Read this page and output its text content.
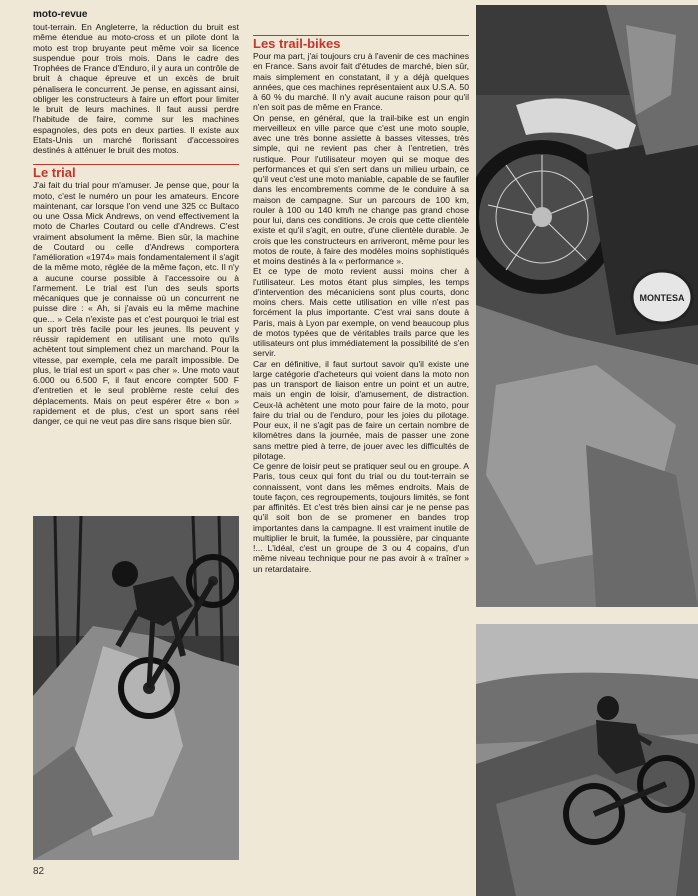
moto-revue

tout-terrain. En Angleterre, la réduction du bruit est même étendue au moto-cross et un pilote dont la moto est trop bruyante peut même voir sa licence suspendue pour trois mois. Dans le cadre des Trophées de France d'Enduro, il y aura un contrôle de bruit à chaque épreuve et un excès de bruit pénalisera le concurrent. Je pense, en agissant ainsi, obliger les constructeurs à faire un effort pour limiter le bruit de leurs machines. Il faut aussi perdre l'habitude de faire, comme sur les machines espagnoles, des pots en deux parties. Il existe aux Etats-Unis un marché florissant d'accessoires destinés à atténuer le bruit des motos.

Le trial

J'ai fait du trial pour m'amuser. Je pense que, pour la moto, c'est le numéro un pour les amateurs. Encore maintenant, car lorsque l'on vend une 325 cc Bultaco ou une Ossa Mick Andrews, on vend effectivement la moto de Charles Coutard ou celle d'Andrews. C'est vraiment absolument la même. Bien sûr, la machine de Coutard ou celle d'Andrews comportera l'amélioration «1974» mais fondamentalement il s'agit de la même moto, réglée de la même façon, etc. Il n'y a aucune course possible à l'accessoire ou à l'armement. Le trial est l'un des seuls sports mécaniques que je connaisse où un concurrent ne puisse dire : « Ah, si j'avais eu la même machine que... » Cela n'existe pas et c'est pourquoi le trial est un sport très facile pour les jeunes. Ils peuvent y réussir rapidement en utilisant une moto qu'ils achètent tout simplement chez un marchand. Pour la vitesse, par exemple, cela me paraît impossible. De plus, le trial est un sport « pas cher ». Une moto vaut 6.000 ou 6.500 F, il faut encore compter 500 F d'entretien et le seul problème reste celui des déplacements. Mais on peut espérer être « bon » rapidement et de plus, c'est un sport sans réel danger, ce qui ne veut pas dire sans risque bien sûr.

Les trail-bikes

Pour ma part, j'ai toujours cru à l'avenir de ces machines en France. Sans avoir fait d'études de marché, bien sûr, mais simplement en constatant, il y a déjà quelques années, que ces machines représentaient aux U.S.A. 50 à 60 % du marché. Il n'y avait aucune raison pour qu'il n'en soit pas de même en France.

On pense, en général, que la trail-bike est un engin merveilleux en ville parce que c'est une moto souple, avec une très bonne assiette à basses vitesses, très simple, qui ne revient pas cher à l'entretien, très rustique. Pour l'utilisateur moyen qui se moque des performances et qui s'en sert dans un milieu urbain, ce qu'il veut c'est une moto maniable, capable de se faufiler dans les encombrements comme de le conduire à sa maison de campagne. Sur un parcours de 100 km, rouler à 100 ou 140 km/h ne change pas grand chose pour lui, dans ces conditions. Je crois que cette clientèle existe et qu'il s'agit, en outre, d'une clientèle durable. Je crois que les constructeurs en arriveront, même pour les motos de route, à faire des modèles moins sophistiqués et moins destinés à la « performance ».

Et ce type de moto revient aussi moins cher à l'utilisateur. Les motos étant plus simples, les temps d'intervention des mécaniciens sont plus courts, donc moins chers. Mais cette utilisation en ville n'est pas forcément la plus importante. C'est vrai sans doute à Paris, mais à Lyon par exemple, on vend beaucoup plus de motos typées que de véritables trails parce que les utilisateurs ont plus immédiatement la possibilité de s'en servir.

Car en définitive, il faut surtout savoir qu'il existe une large catégorie d'acheteurs qui voient dans la moto non pas un transport de liaison entre un point et un autre, mais un engin de loisir, d'amusement, de distraction. Ceux-là achètent une moto pour faire de la moto, pour faire du trial ou de l'enduro, pour les joies du pilotage. Pour eux, il ne s'agit pas de faire un certain nombre de kilomètres dans la journée, mais de passer une zone sans mettre pied à terre, de jouer avec les difficultés de pilotage.

Ce genre de loisir peut se pratiquer seul ou en groupe. A Paris, tous ceux qui font du trial ou du tout-terrain se connaissent, vont dans les mêmes endroits. Mais de toute façon, ces regroupements, toujours limités, se font par affinités. Et c'est très bien ainsi car je ne pense pas qu'il soit bon de se promener en bandes trop importantes dans la campagne. Il est vraiment inutile de multiplier le bruit, la fumée, la poussière, par cinquante !... L'idéal, c'est un groupe de 3 ou 4 copains, d'un même niveau technique pour ne pas avoir à « traîner » un retardataire.

MONTESA
82
